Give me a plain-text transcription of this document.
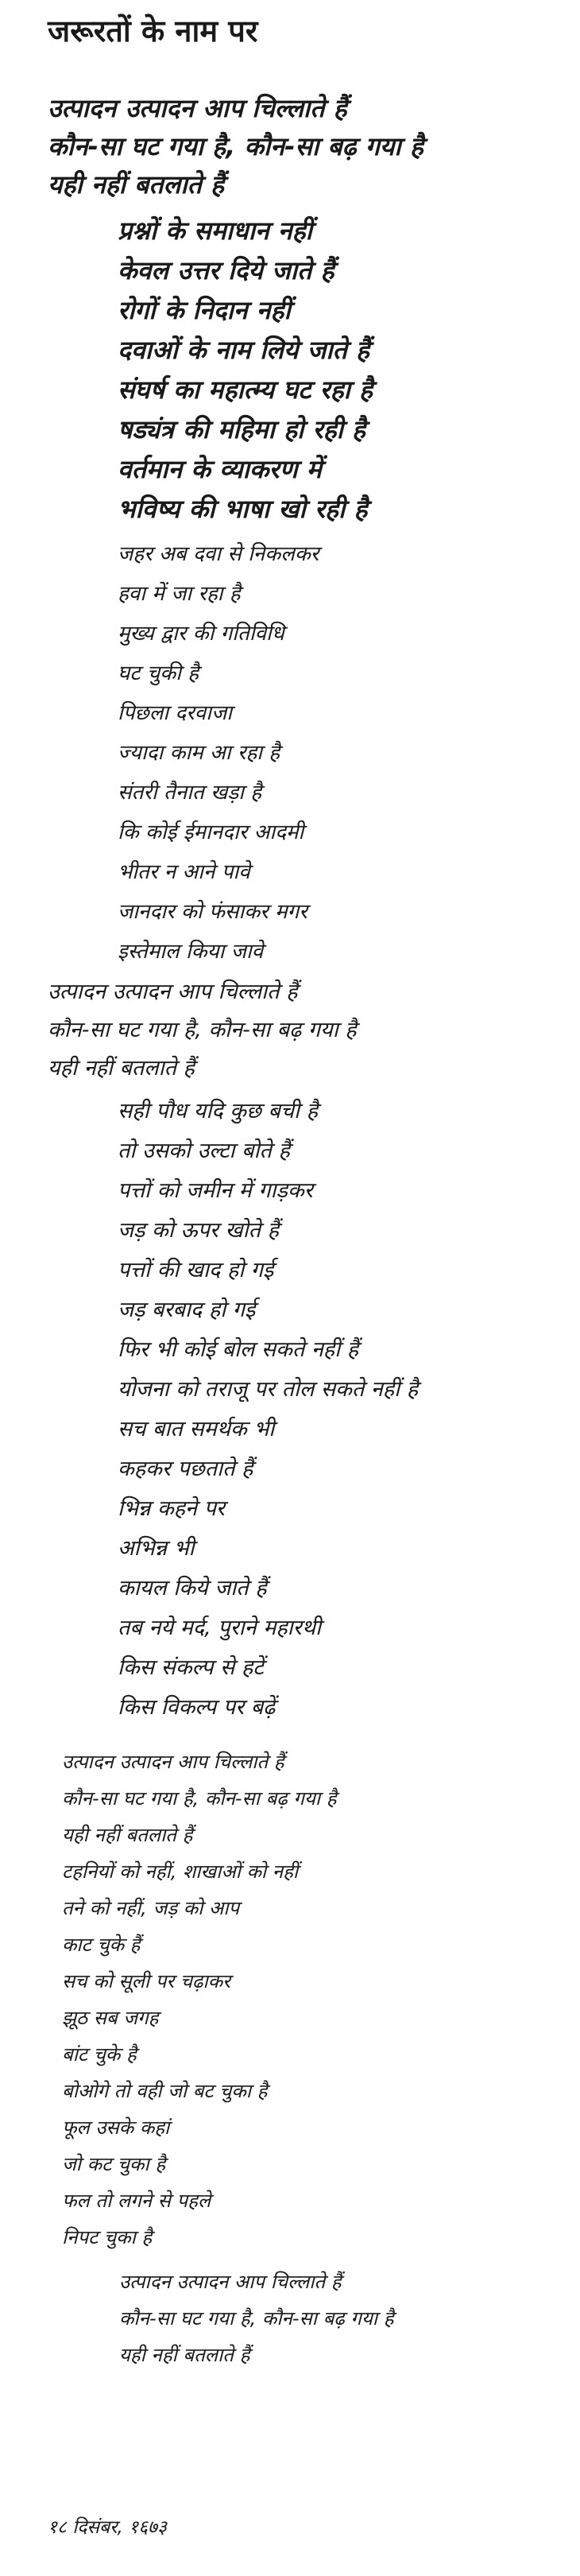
जरूरतों के नाम पर

उत्पादन उत्पादन आप चिल्लाते हैं

कौन-सा घट गया है, कौन-सा बढ़ गया है

यही नहीं बतलाते हैं

प्रश्नों के समाधान नहीं

केवल उत्तर दिये जाते हैं

रोगों के निदान नहीं

दवाओं के नाम लिये जाते हैं

संघर्ष का महात्म्य घट रहा है

षड्यंत्र की महिमा हो रही है

वर्तमान के व्याकरण में

भविष्य की भाषा खो रही है

जहर अब दवा से निकलकर

हवा में जा रहा है

मुख्य द्वार की गतिविधि

घट चुकी है

पिछला दरवाजा

ज्यादा काम आ रहा है

संतरी तैनात खड़ा है

कि कोई ईमानदार आदमी

भीतर न आने पावे

जानदार को फंसाकर मगर

इस्तेमाल किया जावे

उत्पादन उत्पादन आप चिल्लाते हैं

कौन-सा घट गया है, कौन-सा बढ़ गया है

यही नहीं बतलाते हैं

सही पौध यदि कुछ बची है

तो उसको उल्टा बोते हैं

पत्तों को जमीन में गाड़कर

जड़ को ऊपर खोते हैं

पत्तों की खाद हो गई

जड़ बरबाद हो गई

फिर भी कोई बोल सकते नहीं हैं

योजना को तराजू पर तोल सकते नहीं है

सच बात समर्थक भी

कहकर पछताते हैं

भिन्न कहने पर

अभिन्न भी

कायल किये जाते हैं

तब नये मर्द, पुराने महारथी

किस संकल्प से हटें

किस विकल्प पर बढ़ें

उत्पादन उत्पादन आप चिल्लाते हैं

कौन-सा घट गया है, कौन-सा बढ़ गया है

यही नहीं बतलाते हैं

टहनियों को नहीं, शाखाओं को नहीं

तने को नहीं, जड़ को आप

काट चुके हैं

सच को सूली पर चढ़ाकर

झूठ सब जगह

बांट चुके है

बोओगे तो वही जो बट चुका है

फूल उसके कहां

जो कट चुका है

फल तो लगने से पहले

निपट चुका है

उत्पादन उत्पादन आप चिल्लाते हैं

कौन-सा घट गया है, कौन-सा बढ़ गया है

यही नहीं बतलाते हैं

१८ दिसंबर, १६७३
